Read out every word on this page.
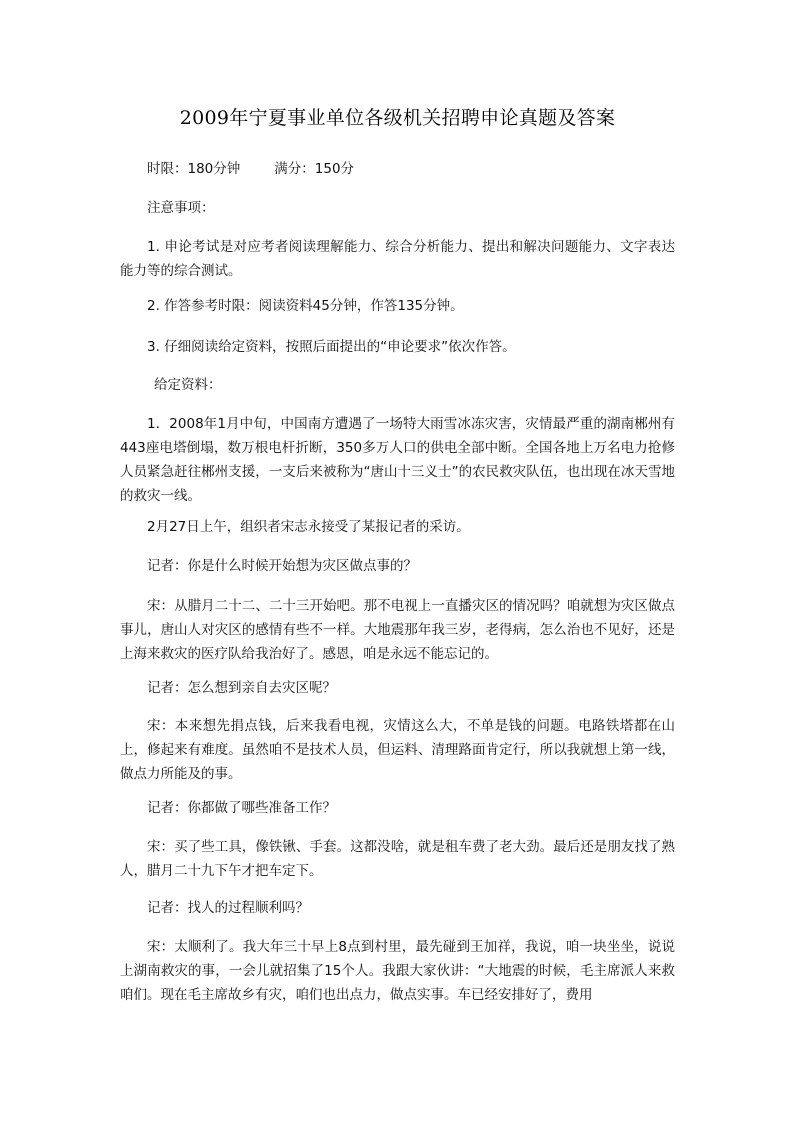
2009年宁夏事业单位各级机关招聘申论真题及答案
时限：180分钟	满分：150分

注意事项：

1. 申论考试是对应考者阅读理解能力、综合分析能力、提出和解决问题能力、文字表达能力等的综合测试。

2. 作答参考时限：阅读资料45分钟，作答135分钟。

3. 仔细阅读给定资料，按照后面提出的“申论要求”依次作答。

给定资料：

1．2008年1月中旬，中国南方遭遇了一场特大雨雪冰冻灾害，灾情最严重的湖南郴州有443座电塔倒塌，数万根电杆折断，350多万人口的供电全部中断。全国各地上万名电力抢修人员紧急赶往郴州支援，一支后来被称为“唐山十三义士”的农民救灾队伍，也出现在冰天雪地的救灾一线。

2月27日上午，组织者宋志永接受了某报记者的采访。

记者：你是什么时候开始想为灾区做点事的？

宋：从腊月二十二、二十三开始吧。那不电视上一直播灾区的情况吗？咱就想为灾区做点事儿，唐山人对灾区的感情有些不一样。大地震那年我三岁，老得病，怎么治也不见好，还是上海来救灾的医疗队给我治好了。感恩，咱是永远不能忘记的。

记者：怎么想到亲自去灾区呢？

宋：本来想先捐点钱，后来我看电视，灾情这么大，不单是钱的问题。电路铁塔都在山上，修起来有难度。虽然咱不是技术人员，但运料、清理路面肯定行，所以我就想上第一线，做点力所能及的事。

记者：你都做了哪些准备工作？

宋：买了些工具，像铁锹、手套。这都没啥，就是租车费了老大劲。最后还是朋友找了熟人，腊月二十九下午才把车定下。

记者：找人的过程顺利吗？

宋：太顺利了。我大年三十早上8点到村里，最先碰到王加祥，我说，咱一块坐坐，说说上湖南救灾的事，一会儿就招集了15个人。我跟大家伙讲：“大地震的时候，毛主席派人来救咱们。现在毛主席故乡有灾，咱们也出点力，做点实事。车已经安排好了，费用
